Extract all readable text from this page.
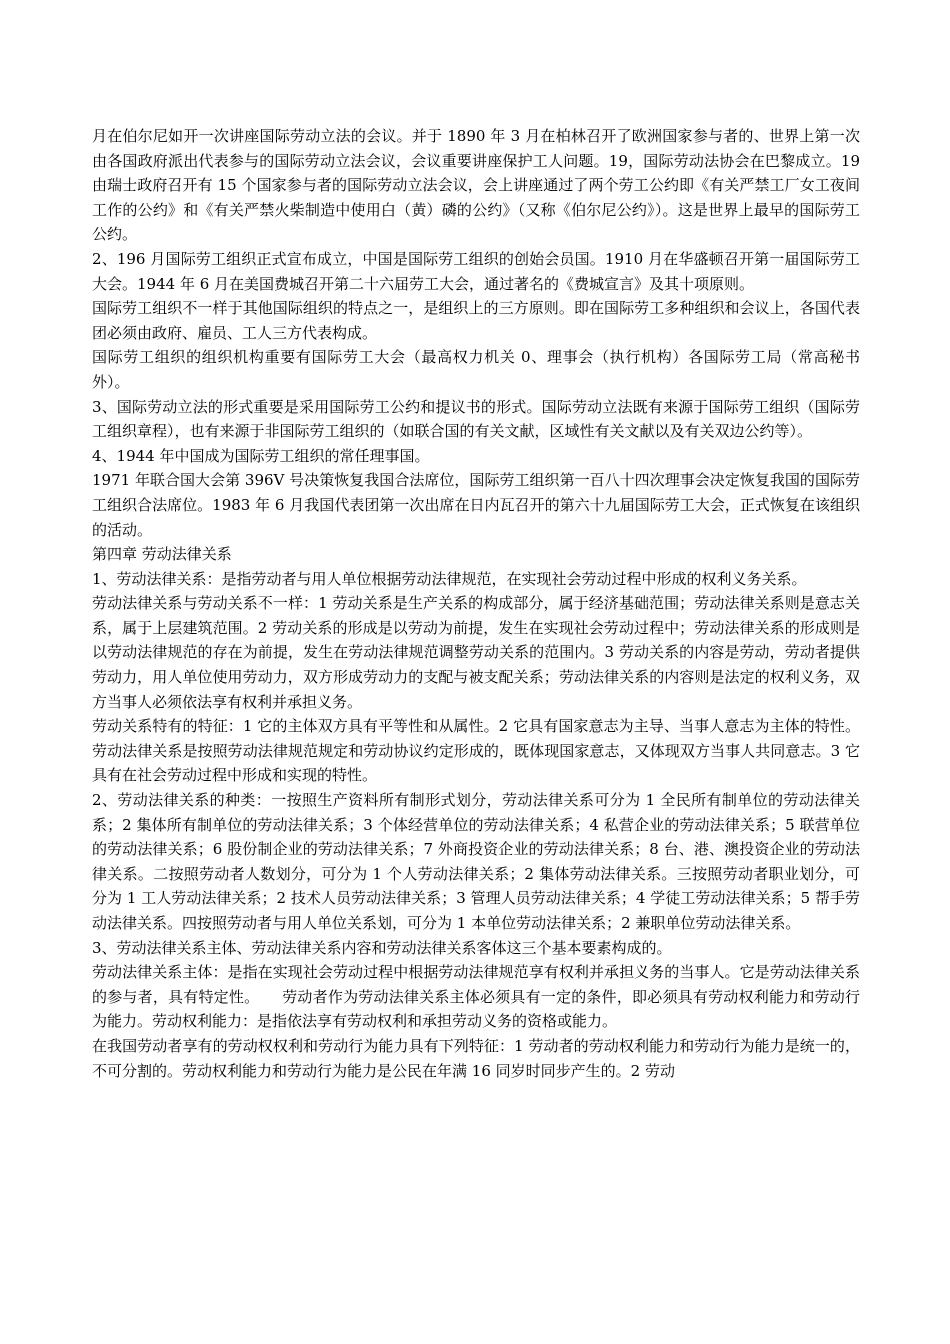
月在伯尔尼如开一次讲座国际劳动立法的会议。并于 1890 年 3 月在柏林召开了欧洲国家参与者的、世界上第一次由各国政府派出代表参与的国际劳动立法会议，会议重要讲座保护工人问题。19，国际劳动法协会在巴黎成立。19 由瑞士政府召开有 15 个国家参与者的国际劳动立法会议，会上讲座通过了两个劳工公约即《有关严禁工厂女工夜间工作的公约》和《有关严禁火柴制造中使用白（黄）磷的公约》（又称《伯尔尼公约》）。这是世界上最早的国际劳工公约。

2、196 月国际劳工组织正式宣布成立，中国是国际劳工组织的创始会员国。1910 月在华盛顿召开第一届国际劳工大会。1944 年 6 月在美国费城召开第二十六届劳工大会，通过著名的《费城宣言》及其十项原则。

国际劳工组织不一样于其他国际组织的特点之一，是组织上的三方原则。即在国际劳工多种组织和会议上，各国代表团必须由政府、雇员、工人三方代表构成。

国际劳工组织的组织机构重要有国际劳工大会（最高权力机关 0、理事会（执行机构）各国际劳工局（常高秘书外）。

3、国际劳动立法的形式重要是采用国际劳工公约和提议书的形式。国际劳动立法既有来源于国际劳工组织（国际劳工组织章程），也有来源于非国际劳工组织的（如联合国的有关文献，区域性有关文献以及有关双边公约等）。

4、1944 年中国成为国际劳工组织的常任理事国。

1971 年联合国大会第 396V 号决策恢复我国合法席位，国际劳工组织第一百八十四次理事会决定恢复我国的国际劳工组织合法席位。1983 年 6 月我国代表团第一次出席在日内瓦召开的第六十九届国际劳工大会，正式恢复在该组织的活动。

第四章 劳动法律关系

1、劳动法律关系：是指劳动者与用人单位根据劳动法律规范，在实现社会劳动过程中形成的权利义务关系。

劳动法律关系与劳动关系不一样：1 劳动关系是生产关系的构成部分，属于经济基础范围；劳动法律关系则是意志关系，属于上层建筑范围。2 劳动关系的形成是以劳动为前提，发生在实现社会劳动过程中；劳动法律关系的形成则是以劳动法律规范的存在为前提，发生在劳动法律规范调整劳动关系的范围内。3 劳动关系的内容是劳动，劳动者提供劳动力，用人单位使用劳动力，双方形成劳动力的支配与被支配关系；劳动法律关系的内容则是法定的权利义务，双方当事人必须依法享有权利并承担义务。

劳动关系特有的特征：1 它的主体双方具有平等性和从属性。2 它具有国家意志为主导、当事人意志为主体的特性。劳动法律关系是按照劳动法律规范规定和劳动协议约定形成的，既体现国家意志，又体现双方当事人共同意志。3 它具有在社会劳动过程中形成和实现的特性。

2、劳动法律关系的种类：一按照生产资料所有制形式划分，劳动法律关系可分为 1 全民所有制单位的劳动法律关系；2 集体所有制单位的劳动法律关系；3 个体经营单位的劳动法律关系；4 私营企业的劳动法律关系；5 联营单位的劳动法律关系；6 股份制企业的劳动法律关系；7 外商投资企业的劳动法律关系；8 台、港、澳投资企业的劳动法律关系。二按照劳动者人数划分，可分为 1 个人劳动法律关系；2 集体劳动法律关系。三按照劳动者职业划分，可分为 1 工人劳动法律关系；2 技术人员劳动法律关系；3 管理人员劳动法律关系；4 学徒工劳动法律关系；5 帮手劳动法律关系。四按照劳动者与用人单位关系划，可分为 1 本单位劳动法律关系；2 兼职单位劳动法律关系。

3、劳动法律关系主体、劳动法律关系内容和劳动法律关系客体这三个基本要素构成的。

劳动法律关系主体：是指在实现社会劳动过程中根据劳动法律规范享有权利并承担义务的当事人。它是劳动法律关系的参与者，具有特定性。　　劳动者作为劳动法律关系主体必须具有一定的条件，即必须具有劳动权利能力和劳动行为能力。劳动权利能力：是指依法享有劳动权利和承担劳动义务的资格或能力。

在我国劳动者享有的劳动权权利和劳动行为能力具有下列特征：1 劳动者的劳动权利能力和劳动行为能力是统一的，不可分割的。劳动权利能力和劳动行为能力是公民在年满 16 同岁时同步产生的。2 劳动
